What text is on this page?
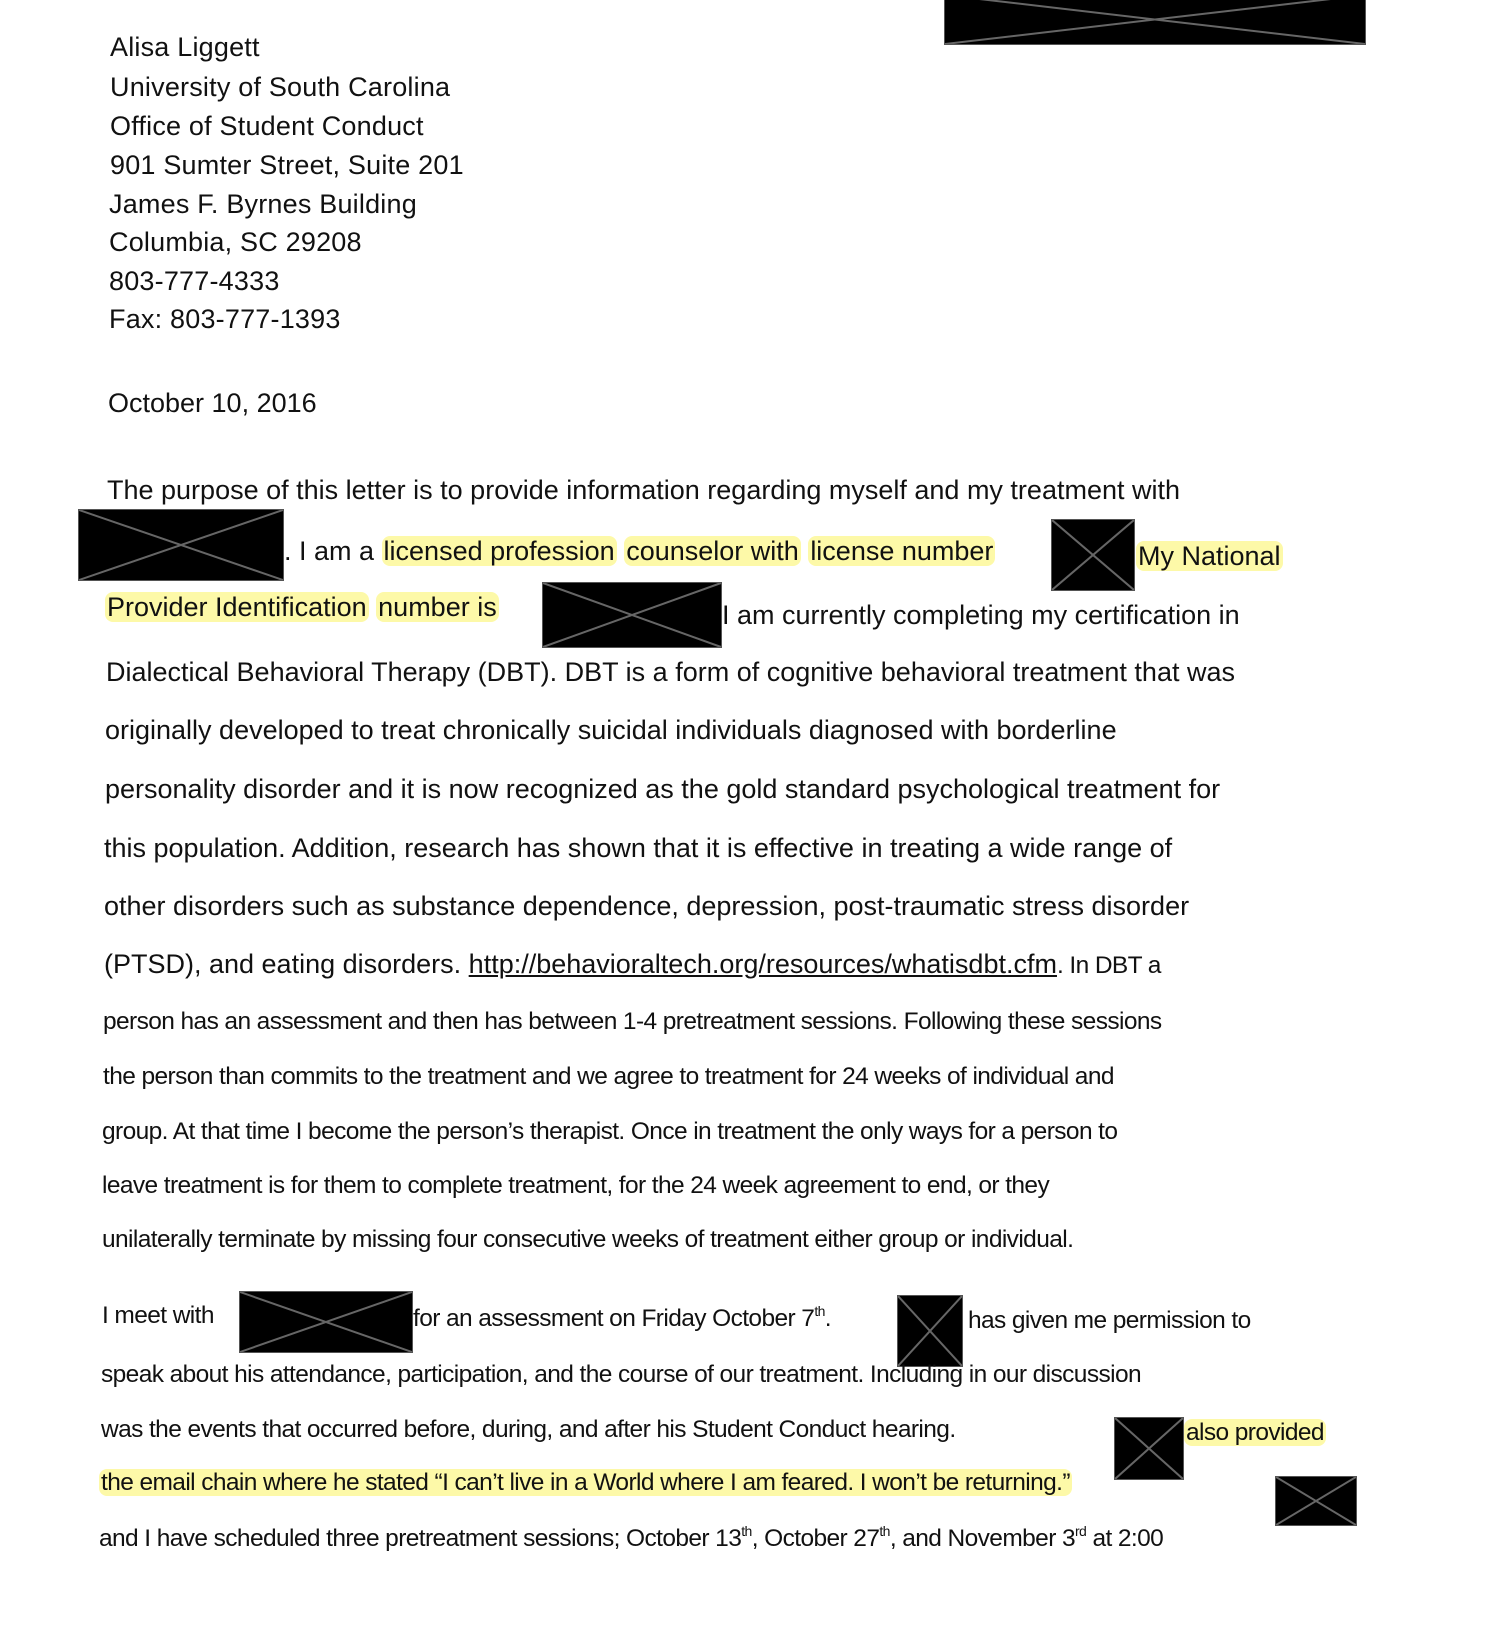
Alisa Liggett
University of South Carolina
Office of Student Conduct
901 Sumter Street, Suite 201
James F. Byrnes Building
Columbia, SC 29208
803-777-4333
Fax: 803-777-1393
October 10, 2016
The purpose of this letter is to provide information regarding myself and my treatment with
. I am a licensed profession counselor with license number	My National
Provider Identification number is	I am currently completing my certification in
Dialectical Behavioral Therapy (DBT). DBT is a form of cognitive behavioral treatment that was
originally developed to treat chronically suicidal individuals diagnosed with borderline
personality disorder and it is now recognized as the gold standard psychological treatment for
this population. Addition, research has shown that it is effective in treating a wide range of
other disorders such as substance dependence, depression, post-traumatic stress disorder
(PTSD), and eating disorders. http://behavioraltech.org/resources/whatisdbt.cfm. In DBT a
person has an assessment and then has between 1-4 pretreatment sessions. Following these sessions
the person than commits to the treatment and we agree to treatment for 24 weeks of individual and
group. At that time I become the person’s therapist. Once in treatment the only ways for a person to
leave treatment is for them to complete treatment, for the 24 week agreement to end, or they
unilaterally terminate by missing four consecutive weeks of treatment either group or individual.
I meet with	for an assessment on Friday October 7th.	has given me permission to
speak about his attendance, participation, and the course of our treatment. Including in our discussion
was the events that occurred before, during, and after his Student Conduct hearing.	also provided
the email chain where he stated “I can’t live in a World where I am feared. I won’t be returning.”
and I have scheduled three pretreatment sessions; October 13th, October 27th, and November 3rd at 2:00
